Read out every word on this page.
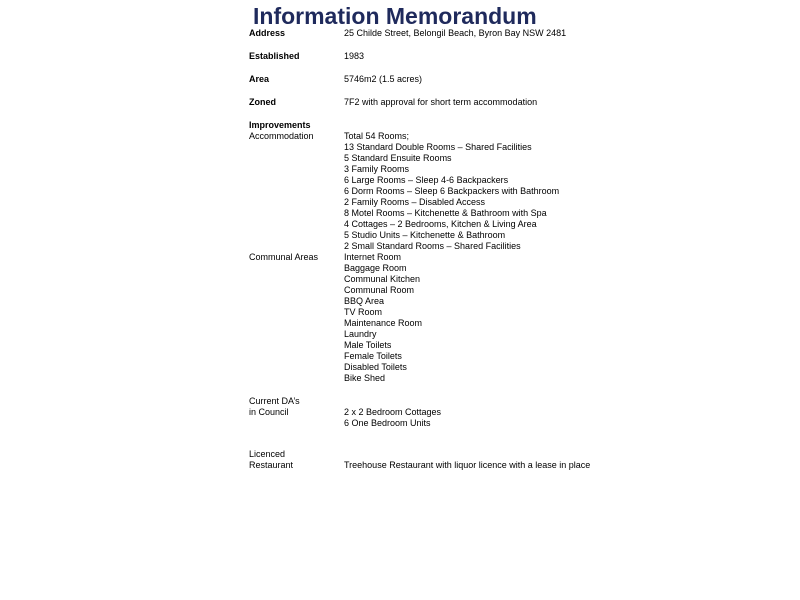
Information Memorandum
Address	25 Childe Street, Belongil Beach, Byron Bay NSW 2481
Established	1983
Area	5746m2 (1.5 acres)
Zoned	7F2 with approval for short term accommodation
Improvements
Accommodation	Total 54 Rooms;
13 Standard Double Rooms – Shared Facilities
5 Standard Ensuite Rooms
3 Family Rooms
6 Large Rooms – Sleep 4-6 Backpackers
6 Dorm Rooms – Sleep 6 Backpackers with Bathroom
2 Family Rooms – Disabled Access
8 Motel Rooms – Kitchenette & Bathroom with Spa
4 Cottages – 2 Bedrooms, Kitchen & Living Area
5 Studio Units – Kitchenette & Bathroom
2 Small Standard Rooms – Shared Facilities
Communal Areas	Internet Room
Baggage Room
Communal Kitchen
Communal Room
BBQ Area
TV Room
Maintenance Room
Laundry
Male Toilets
Female Toilets
Disabled Toilets
Bike Shed
Current DA’s
in Council	2 x 2 Bedroom Cottages
6 One Bedroom Units
Licenced
Restaurant	Treehouse Restaurant with liquor licence with a lease in place
